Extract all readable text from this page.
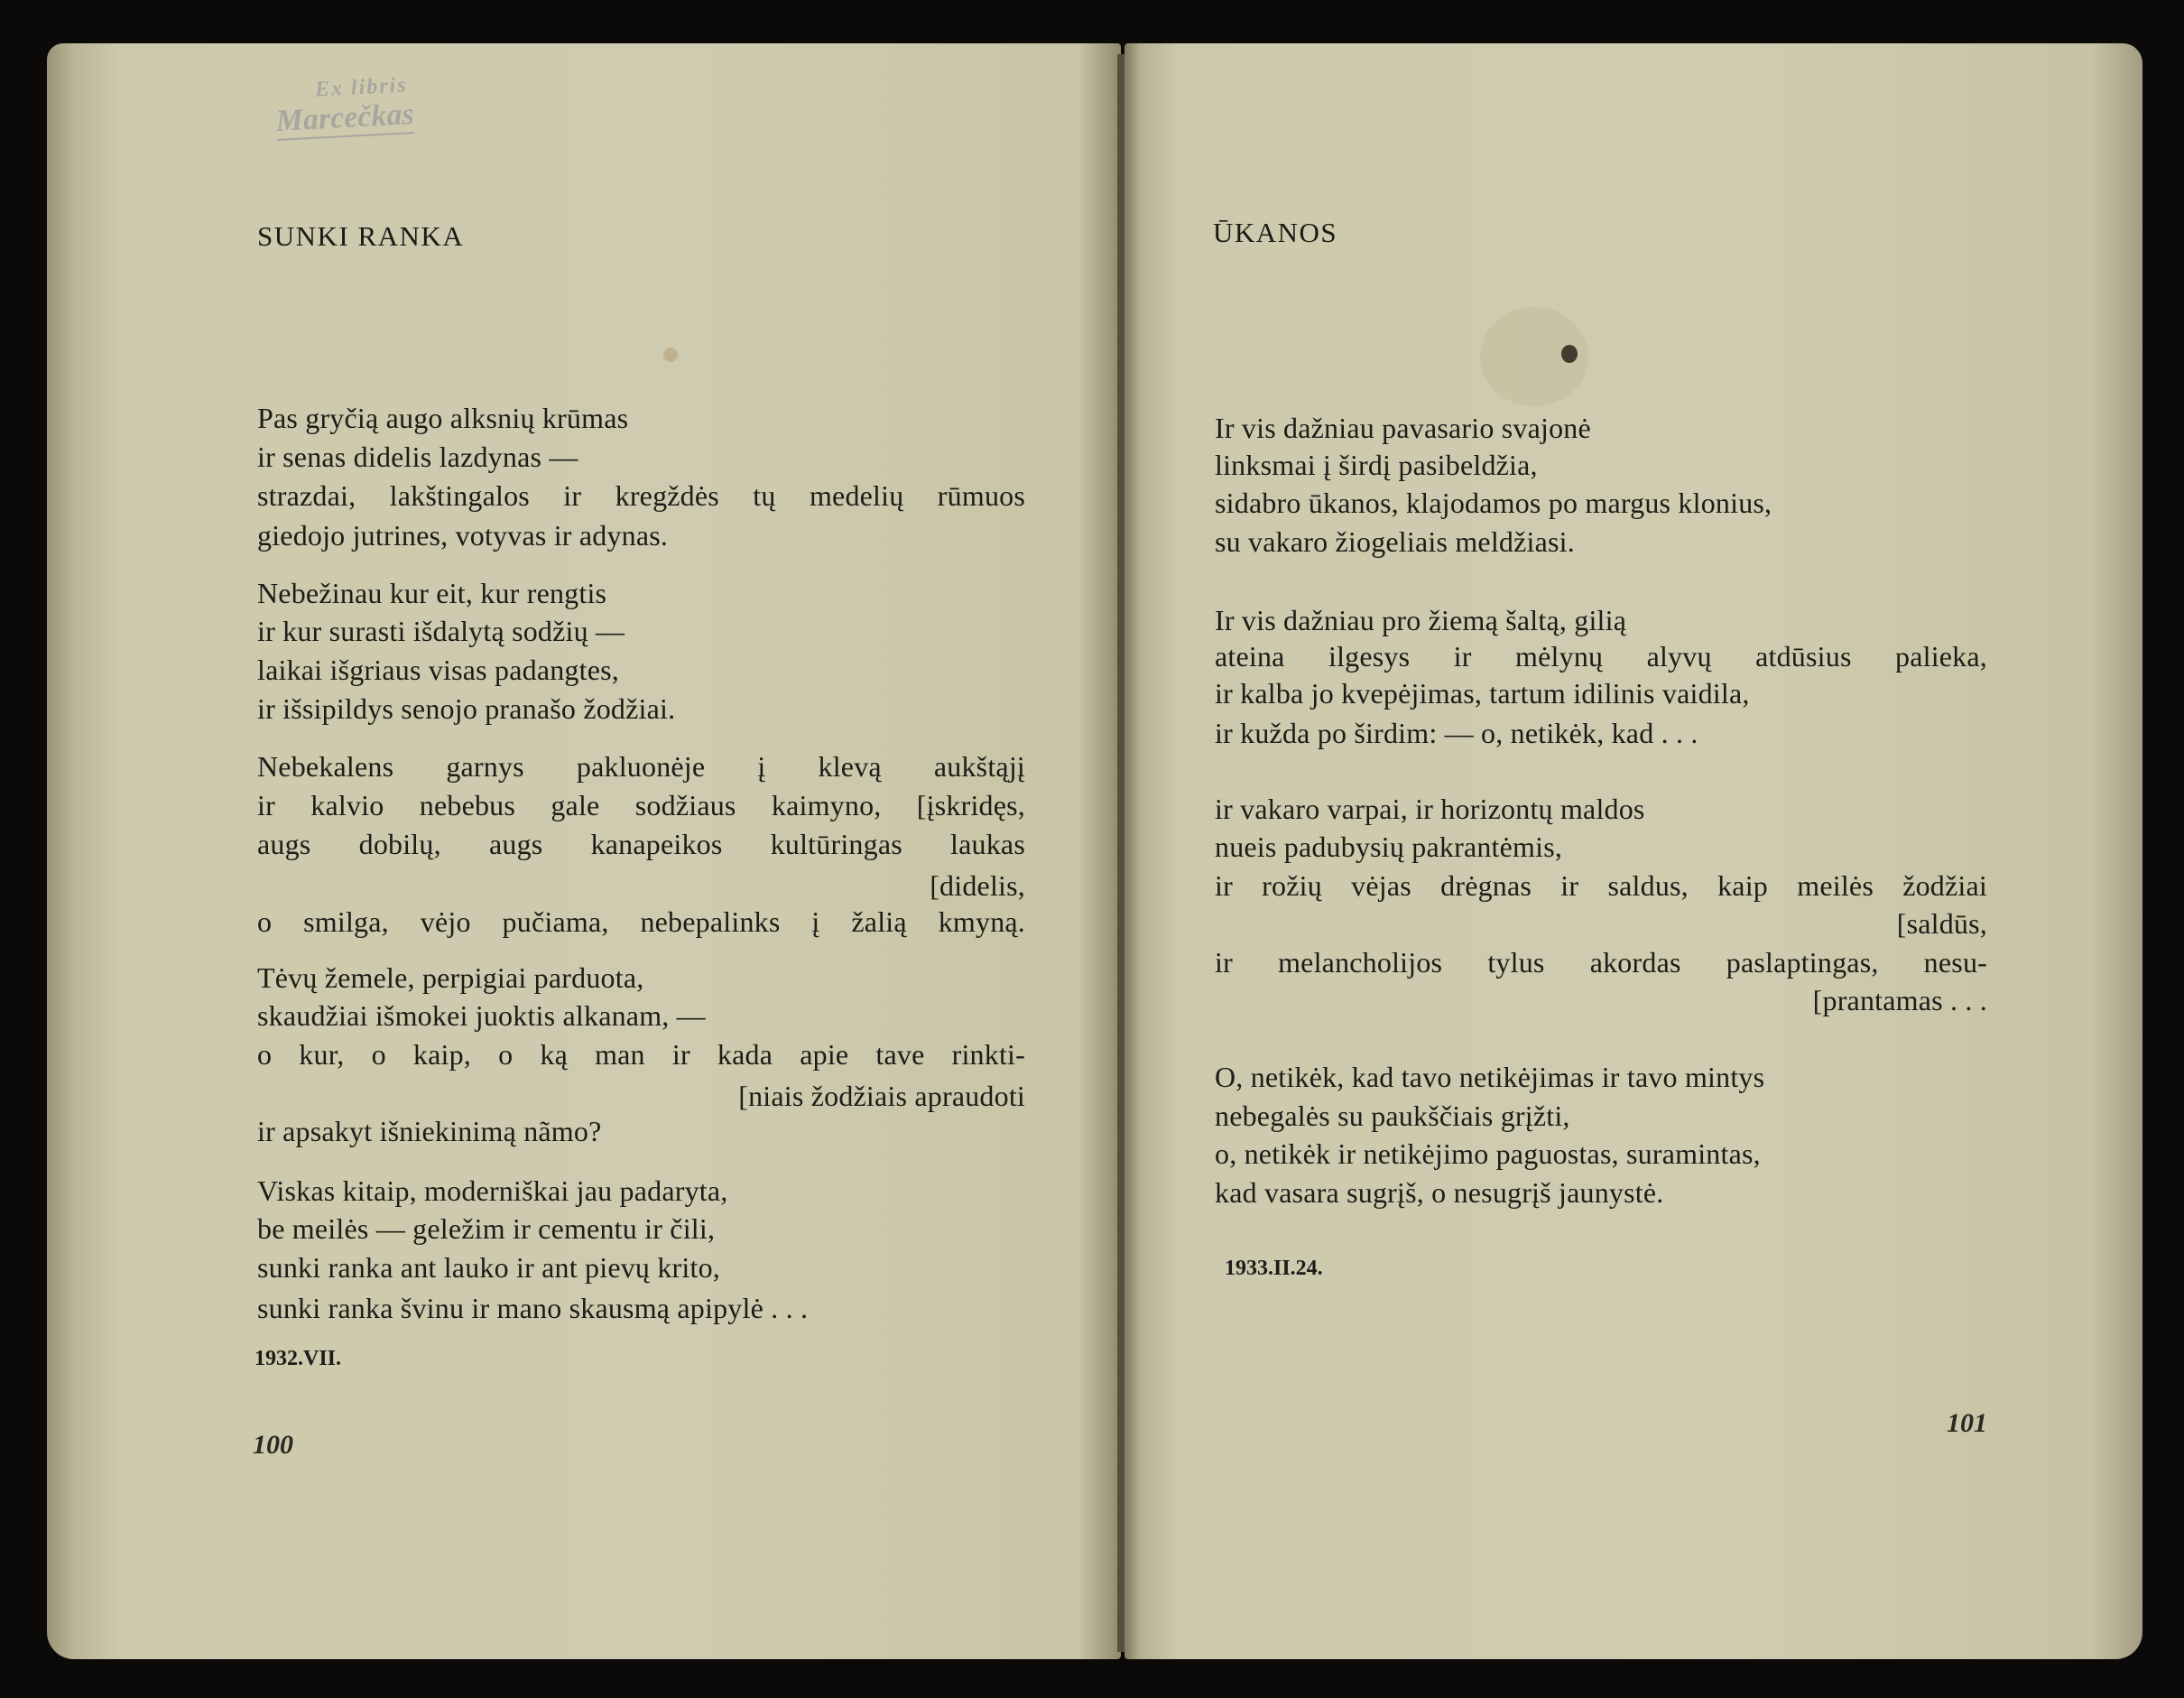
Ex libris
Marcečkas
SUNKI RANKA	ŪKANOS
Pas gryčią augo alksnių krūmas
ir senas didelis lazdynas —
strazdai, lakštingalos ir kregždės tų medelių rūmuos
giedojo jutrines, votyvas ir adynas.
Nebežinau kur eit, kur rengtis
ir kur surasti išdalytą sodžių —
laikai išgriaus visas padangtes,
ir išsipildys senojo pranašo žodžiai.
Nebekalens garnys pakluonėje į klevą aukštąjį
ir kalvio nebebus gale sodžiaus kaimyno, [įskridęs,
augs dobilų, augs kanapeikos kultūringas laukas
[didelis,
o smilga, vėjo pučiama, nebepalinks į žalią kmyną.
Tėvų žemele, perpigiai parduota,
skaudžiai išmokei juoktis alkanam, —
o kur, o kaip, o ką man ir kada apie tave rinkti-
[niais žodžiais apraudoti
ir apsakyt išniekinimą nãmo?
Viskas kitaip, moderniškai jau padaryta,
be meilės — geležim ir cementu ir čili,
sunki ranka ant lauko ir ant pievų krito,
sunki ranka švinu ir mano skausmą apipylė . . .
Ir vis dažniau pavasario svajonė
linksmai į širdį pasibeldžia,
sidabro ūkanos, klajodamos po margus klonius,
su vakaro žiogeliais meldžiasi.
Ir vis dažniau pro žiemą šaltą, gilią
ateina ilgesys ir mėlynų alyvų atdūsius palieka,
ir kalba jo kvepėjimas, tartum idilinis vaidila,
ir kužda po širdim: — o, netikėk, kad . . .
ir vakaro varpai, ir horizontų maldos
nueis padubysių pakrantėmis,
ir rožių vėjas drėgnas ir saldus, kaip meilės žodžiai
[saldūs,
ir melancholijos tylus akordas paslaptingas, nesu-
[prantamas . . .
O, netikėk, kad tavo netikėjimas ir tavo mintys
nebegalės su paukščiais grįžti,
o, netikėk ir netikėjimo paguostas, suramintas,
kad vasara sugrįš, o nesugrįš jaunystė.
1932.VII.
1933.II.24.
100
101
